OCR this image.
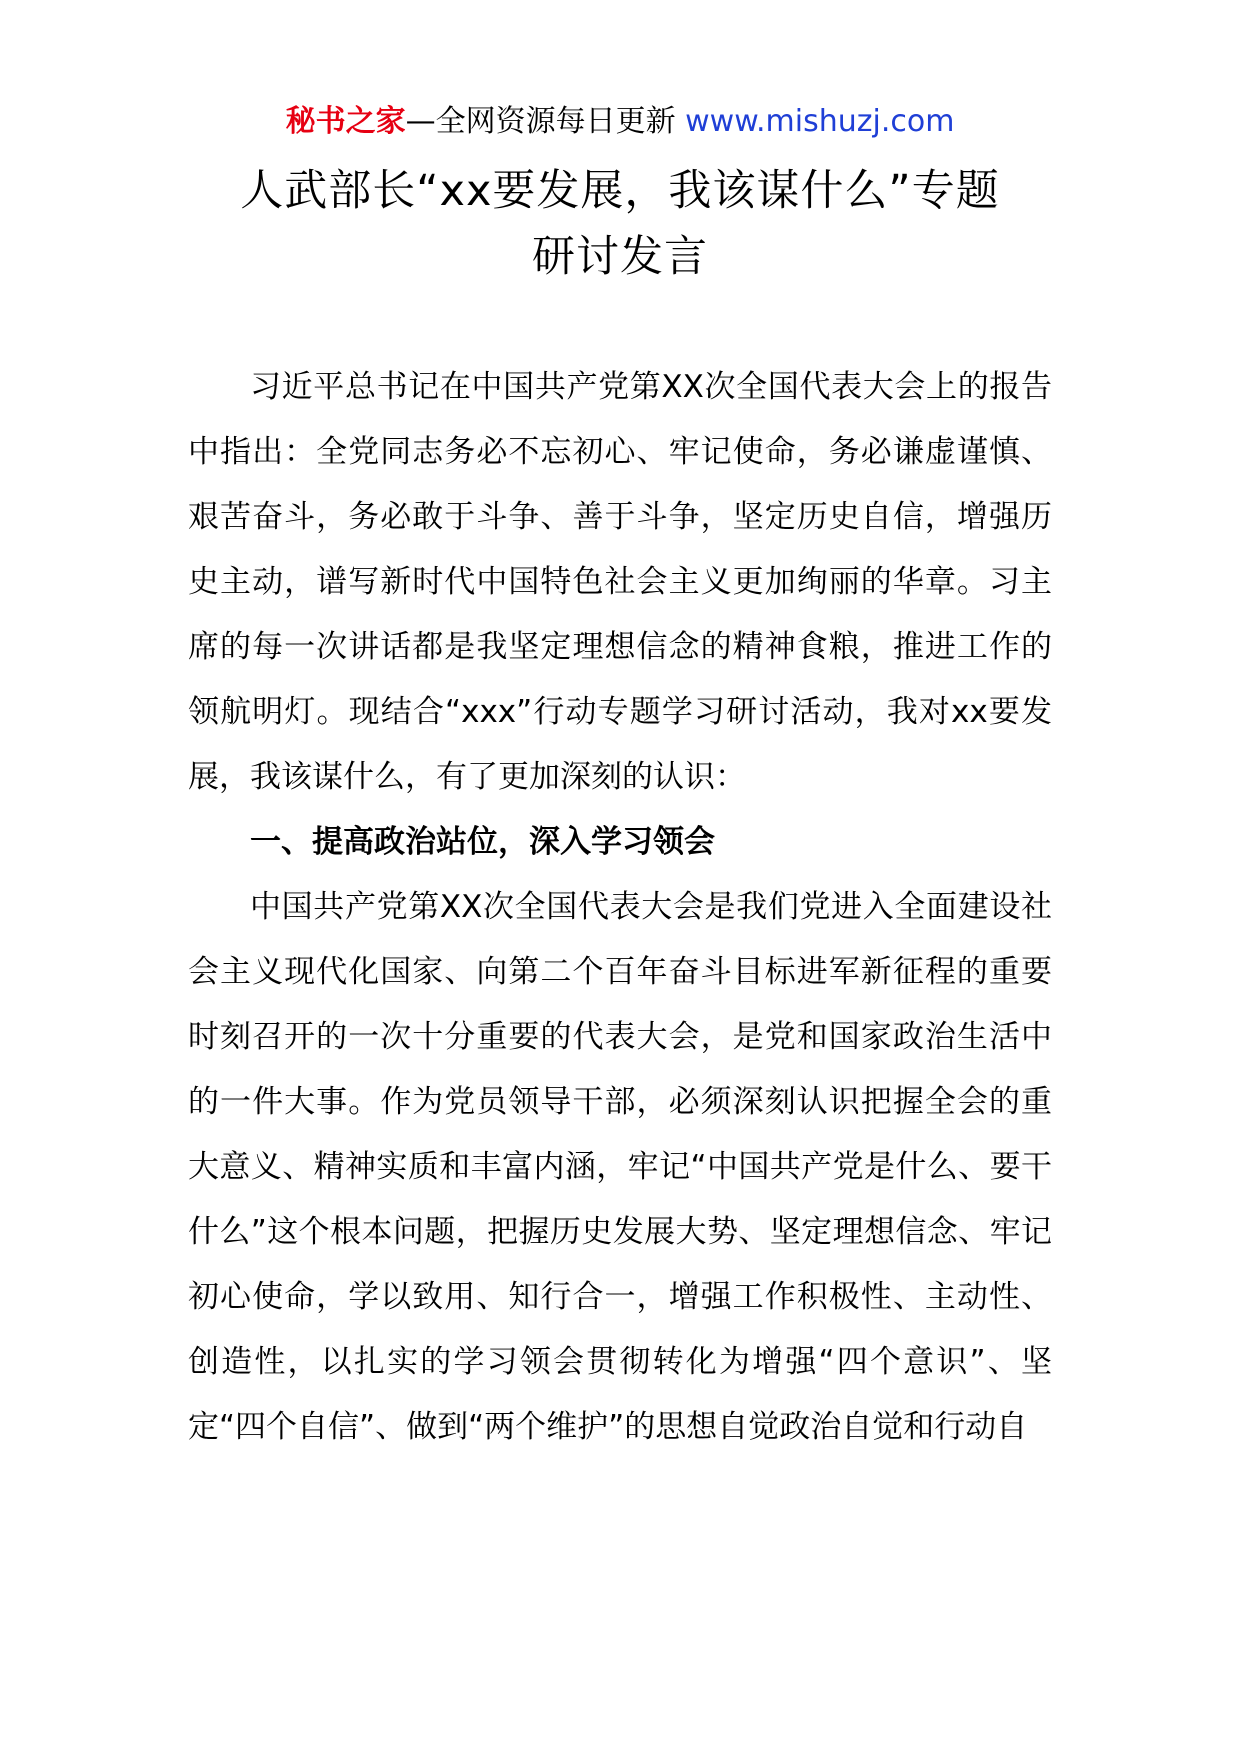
秘书之家—全网资源每日更新 www.mishuzj.com
人武部长“xx要发展，我该谋什么”专题
研讨发言

习近平总书记在中国共产党第XX次全国代表大会上的报告中指出：全党同志务必不忘初心、牢记使命，务必谦虚谨慎、艰苦奋斗，务必敢于斗争、善于斗争，坚定历史自信，增强历史主动，谱写新时代中国特色社会主义更加绚丽的华章。习主席的每一次讲话都是我坚定理想信念的精神食粮，推进工作的领航明灯。现结合“xxx”行动专题学习研讨活动，我对xx要发展，我该谋什么，有了更加深刻的认识：

一、提高政治站位，深入学习领会

中国共产党第XX次全国代表大会是我们党进入全面建设社会主义现代化国家、向第二个百年奋斗目标进军新征程的重要时刻召开的一次十分重要的代表大会，是党和国家政治生活中的一件大事。作为党员领导干部，必须深刻认识把握全会的重大意义、精神实质和丰富内涵，牢记“中国共产党是什么、要干什么”这个根本问题，把握历史发展大势、坚定理想信念、牢记初心使命，学以致用、知行合一，增强工作积极性、主动性、创造性，以扎实的学习领会贯彻转化为增强“四个意识”、坚定“四个自信”、做到“两个维护”的思想自觉政治自觉和行动自
